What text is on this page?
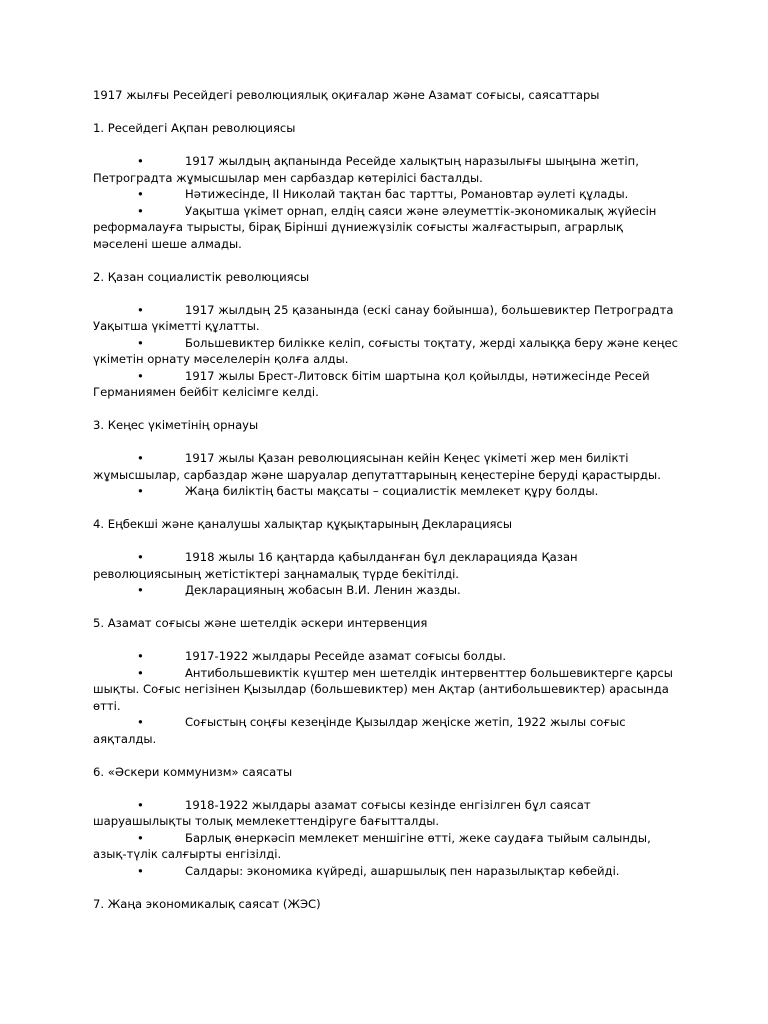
1917 жылғы Ресейдегі революциялық оқиғалар және Азамат соғысы, саясаттары

1. Ресейдегі Ақпан революциясы

•	1917 жылдың ақпанында Ресейде халықтың наразылығы шыңына жетіп, Петроградта жұмысшылар мен сарбаздар көтерілісі басталды.
•	Нәтижесінде, II Николай тақтан бас тартты, Романовтар әулеті құлады.
•	Уақытша үкімет орнап, елдің саяси және әлеуметтік-экономикалық жүйесін реформалауға тырысты, бірақ Бірінші дүниежүзілік соғысты жалғастырып, аграрлық мәселені шеше алмады.

2. Қазан социалистік революциясы

•	1917 жылдың 25 қазанында (ескі санау бойынша), большевиктер Петроградта Уақытша үкіметті құлатты.
•	Большевиктер билікке келіп, соғысты тоқтату, жерді халыққа беру және кеңес үкіметін орнату мәселелерін қолға алды.
•	1917 жылы Брест-Литовск бітім шартына қол қойылды, нәтижесінде Ресей Германиямен бейбіт келісімге келді.

3. Кеңес үкіметінің орнауы

•	1917 жылы Қазан революциясынан кейін Кеңес үкіметі жер мен билікті жұмысшылар, сарбаздар және шаруалар депутаттарының кеңестеріне беруді қарастырды.
•	Жаңа биліктің басты мақсаты – социалистік мемлекет құру болды.

4. Еңбекші және қаналушы халықтар құқықтарының Декларациясы

•	1918 жылы 16 қаңтарда қабылданған бұл декларацияда Қазан революциясының жетістіктері заңнамалық түрде бекітілді.
•	Декларацияның жобасын В.И. Ленин жазды.

5. Азамат соғысы және шетелдік әскери интервенция

•	1917-1922 жылдары Ресейде азамат соғысы болды.
•	Антибольшевиктік күштер мен шетелдік интервенттер большевиктерге қарсы шықты. Соғыс негізінен Қызылдар (большевиктер) мен Ақтар (антибольшевиктер) арасында өтті.
•	Соғыстың соңғы кезеңінде Қызылдар жеңіске жетіп, 1922 жылы соғыс аяқталды.

6. «Әскери коммунизм» саясаты

•	1918-1922 жылдары азамат соғысы кезінде енгізілген бұл саясат шаруашылықты толық мемлекеттендіруге бағытталды.
•	Барлық өнеркәсіп мемлекет меншігіне өтті, жеке саудаға тыйым салынды, азық-түлік салғырты енгізілді.
•	Салдары: экономика күйреді, ашаршылық пен наразылықтар көбейді.

7. Жаңа экономикалық саясат (ЖЭС)
